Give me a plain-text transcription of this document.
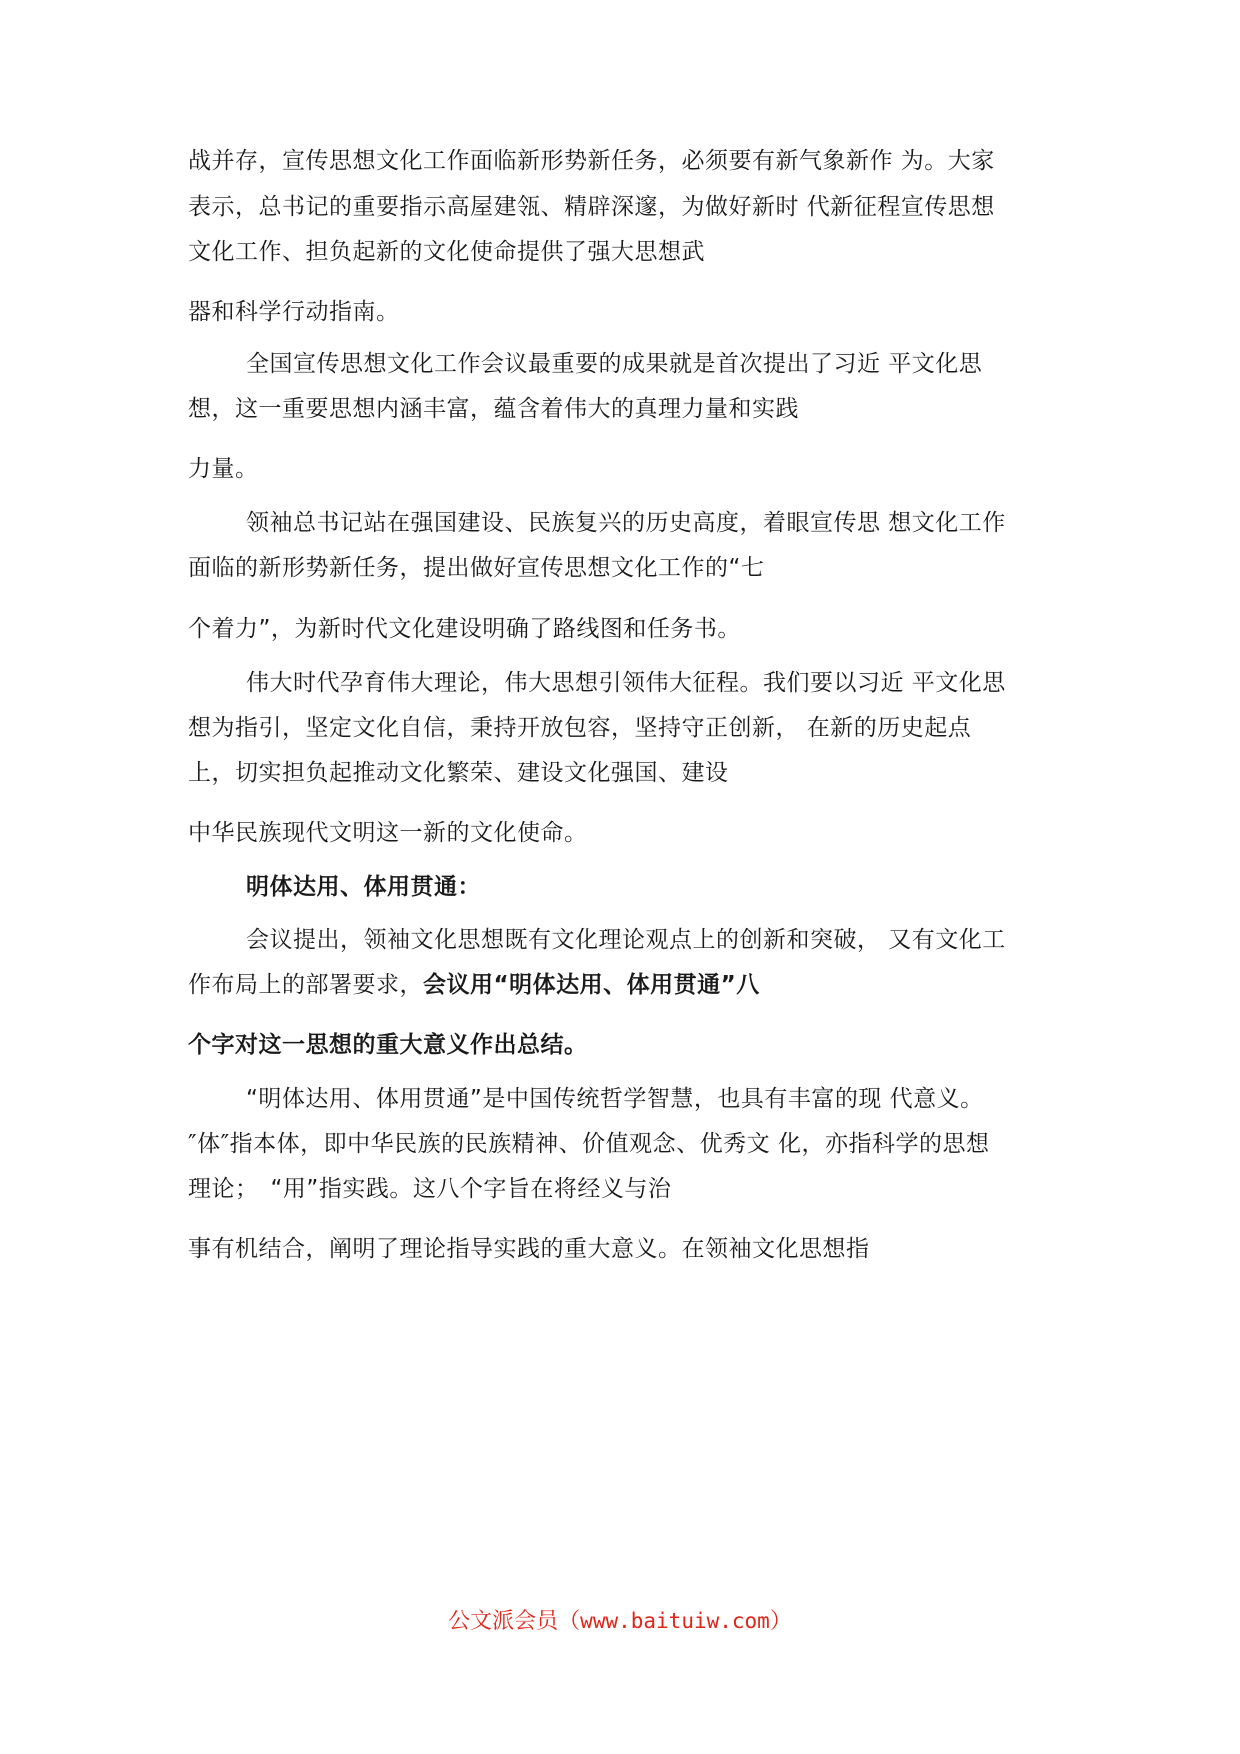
战并存，宣传思想文化工作面临新形势新任务，必须要有新气象新作 为。大家
表示，总书记的重要指示高屋建瓴、精辟深邃，为做好新时 代新征程宣传思想
文化工作、担负起新的文化使命提供了强大思想武
器和科学行动指南。
全国宣传思想文化工作会议最重要的成果就是首次提出了习近 平文化思
想，这一重要思想内涵丰富，蕴含着伟大的真理力量和实践
力量。
领袖总书记站在强国建设、民族复兴的历史高度，着眼宣传思 想文化工作
面临的新形势新任务，提出做好宣传思想文化工作的“七
个着力”，为新时代文化建设明确了路线图和任务书。
伟大时代孕育伟大理论，伟大思想引领伟大征程。我们要以习近 平文化思
想为指引，坚定文化自信，秉持开放包容，坚持守正创新， 在新的历史起点
上，切实担负起推动文化繁荣、建设文化强国、建设
中华民族现代文明这一新的文化使命。
明体达用、体用贯通：
会议提出，领袖文化思想既有文化理论观点上的创新和突破， 又有文化工
作布局上的部署要求，会议用“明体达用、体用贯通”八
个字对这一思想的重大意义作出总结。
“明体达用、体用贯通”是中国传统哲学智慧，也具有丰富的现 代意义。
″体″指本体，即中华民族的民族精神、价值观念、优秀文 化，亦指科学的思想
理论；　“用”指实践。这八个字旨在将经义与治
事有机结合，阐明了理论指导实践的重大意义。在领袖文化思想指
公文派会员（www.baituiw.com）
